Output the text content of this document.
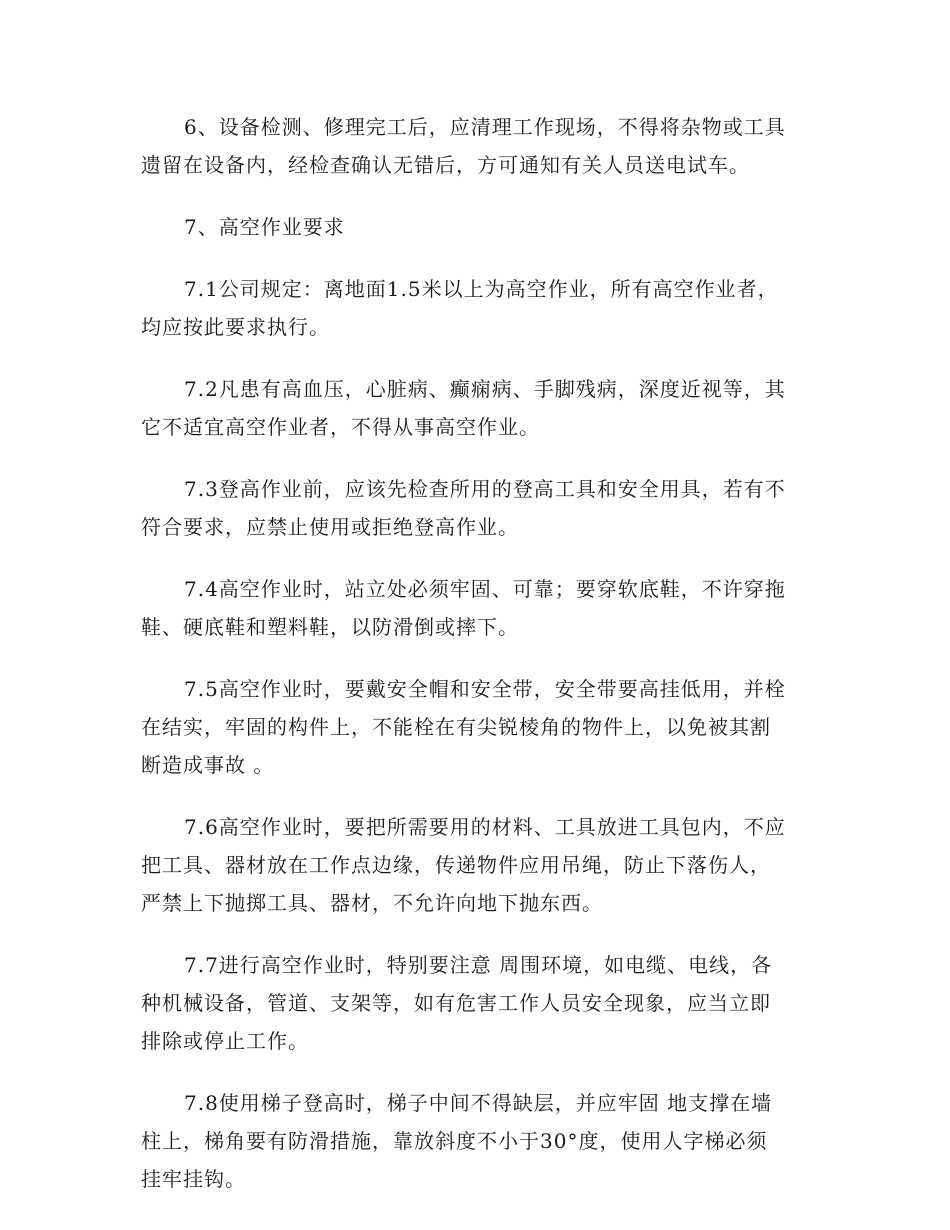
6、设备检测、修理完工后，应清理工作现场，不得将杂物或工具
遗留在设备内，经检查确认无错后，方可通知有关人员送电试车。

7、高空作业要求

7.1公司规定：离地面1.5米以上为高空作业，所有高空作业者，
均应按此要求执行。

7.2凡患有高血压，心脏病、癫痫病、手脚残病，深度近视等，其
它不适宜高空作业者，不得从事高空作业。

7.3登高作业前，应该先检查所用的登高工具和安全用具，若有不
符合要求，应禁止使用或拒绝登高作业。

7.4高空作业时，站立处必须牢固、可靠；要穿软底鞋，不许穿拖
鞋、硬底鞋和塑料鞋，以防滑倒或摔下。

7.5高空作业时，要戴安全帽和安全带，安全带要高挂低用，并栓
在结实，牢固的构件上，不能栓在有尖锐棱角的物件上，以免被其割
断造成事故 。

7.6高空作业时，要把所需要用的材料、工具放进工具包内，不应
把工具、器材放在工作点边缘，传递物件应用吊绳，防止下落伤人，
严禁上下抛掷工具、器材，不允许向地下抛东西。

7.7进行高空作业时，特别要注意 周围环境，如电缆、电线，各
种机械设备，管道、支架等，如有危害工作人员安全现象，应当立即
排除或停止工作。

7.8使用梯子登高时，梯子中间不得缺层，并应牢固 地支撑在墙
柱上，梯角要有防滑措施，靠放斜度不小于30°度，使用人字梯必须
挂牢挂钩。
